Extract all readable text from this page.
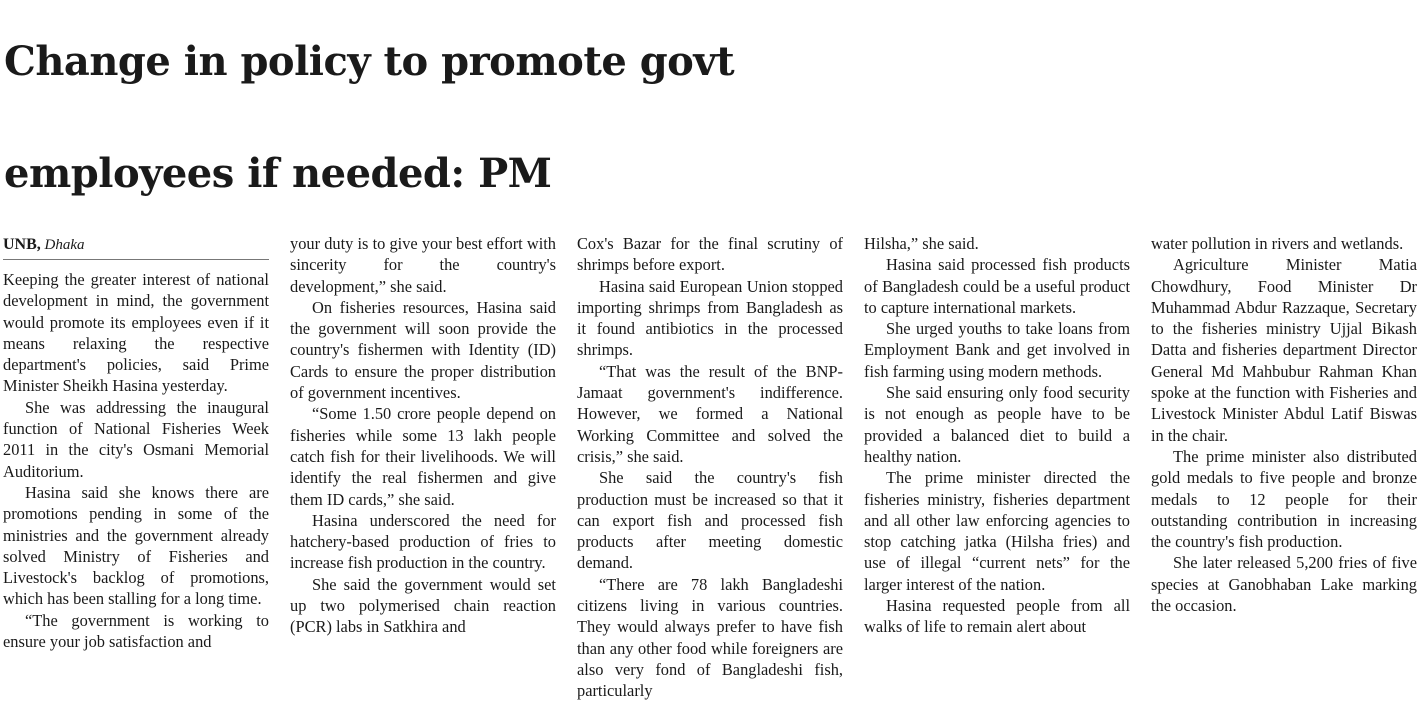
Change in policy to promote govt
employees if needed: PM
UNB, Dhaka

Keeping the greater interest of national development in mind, the government would promote its employees even if it means relaxing the respective department's policies, said Prime Minister Sheikh Hasina yesterday.

She was addressing the inaugural function of National Fisheries Week 2011 in the city's Osmani Memorial Auditorium.

Hasina said she knows there are promotions pending in some of the ministries and the government already solved Ministry of Fisheries and Livestock's backlog of promotions, which has been stalling for a long time.

“The government is working to ensure your job satisfaction and

your duty is to give your best effort with sincerity for the country's development,” she said.

On fisheries resources, Hasina said the government will soon provide the country's fishermen with Identity (ID) Cards to ensure the proper distribution of government incentives.

“Some 1.50 crore people depend on fisheries while some 13 lakh people catch fish for their livelihoods. We will identify the real fishermen and give them ID cards,” she said.

Hasina underscored the need for hatchery-based production of fries to increase fish production in the country.

She said the government would set up two polymerised chain reaction (PCR) labs in Satkhira and

Cox's Bazar for the final scrutiny of shrimps before export.

Hasina said European Union stopped importing shrimps from Bangladesh as it found antibiotics in the processed shrimps.

“That was the result of the BNP-Jamaat government's indifference. However, we formed a National Working Committee and solved the crisis,” she said.

She said the country's fish production must be increased so that it can export fish and processed fish products after meeting domestic demand.

“There are 78 lakh Bangladeshi citizens living in various countries. They would always prefer to have fish than any other food while foreigners are also very fond of Bangladeshi fish, particularly

Hilsha,” she said.

Hasina said processed fish products of Bangladesh could be a useful product to capture international markets.

She urged youths to take loans from Employment Bank and get involved in fish farming using modern methods.

She said ensuring only food security is not enough as people have to be provided a balanced diet to build a healthy nation.

The prime minister directed the fisheries ministry, fisheries department and all other law enforcing agencies to stop catching jatka (Hilsha fries) and use of illegal “current nets” for the larger interest of the nation.

Hasina requested people from all walks of life to remain alert about

water pollution in rivers and wetlands.

Agriculture Minister Matia Chowdhury, Food Minister Dr Muhammad Abdur Razzaque, Secretary to the fisheries ministry Ujjal Bikash Datta and fisheries department Director General Md Mahbubur Rahman Khan spoke at the function with Fisheries and Livestock Minister Abdul Latif Biswas in the chair.

The prime minister also distributed gold medals to five people and bronze medals to 12 people for their outstanding contribution in increasing the country's fish production.

She later released 5,200 fries of five species at Ganobhaban Lake marking the occasion.
